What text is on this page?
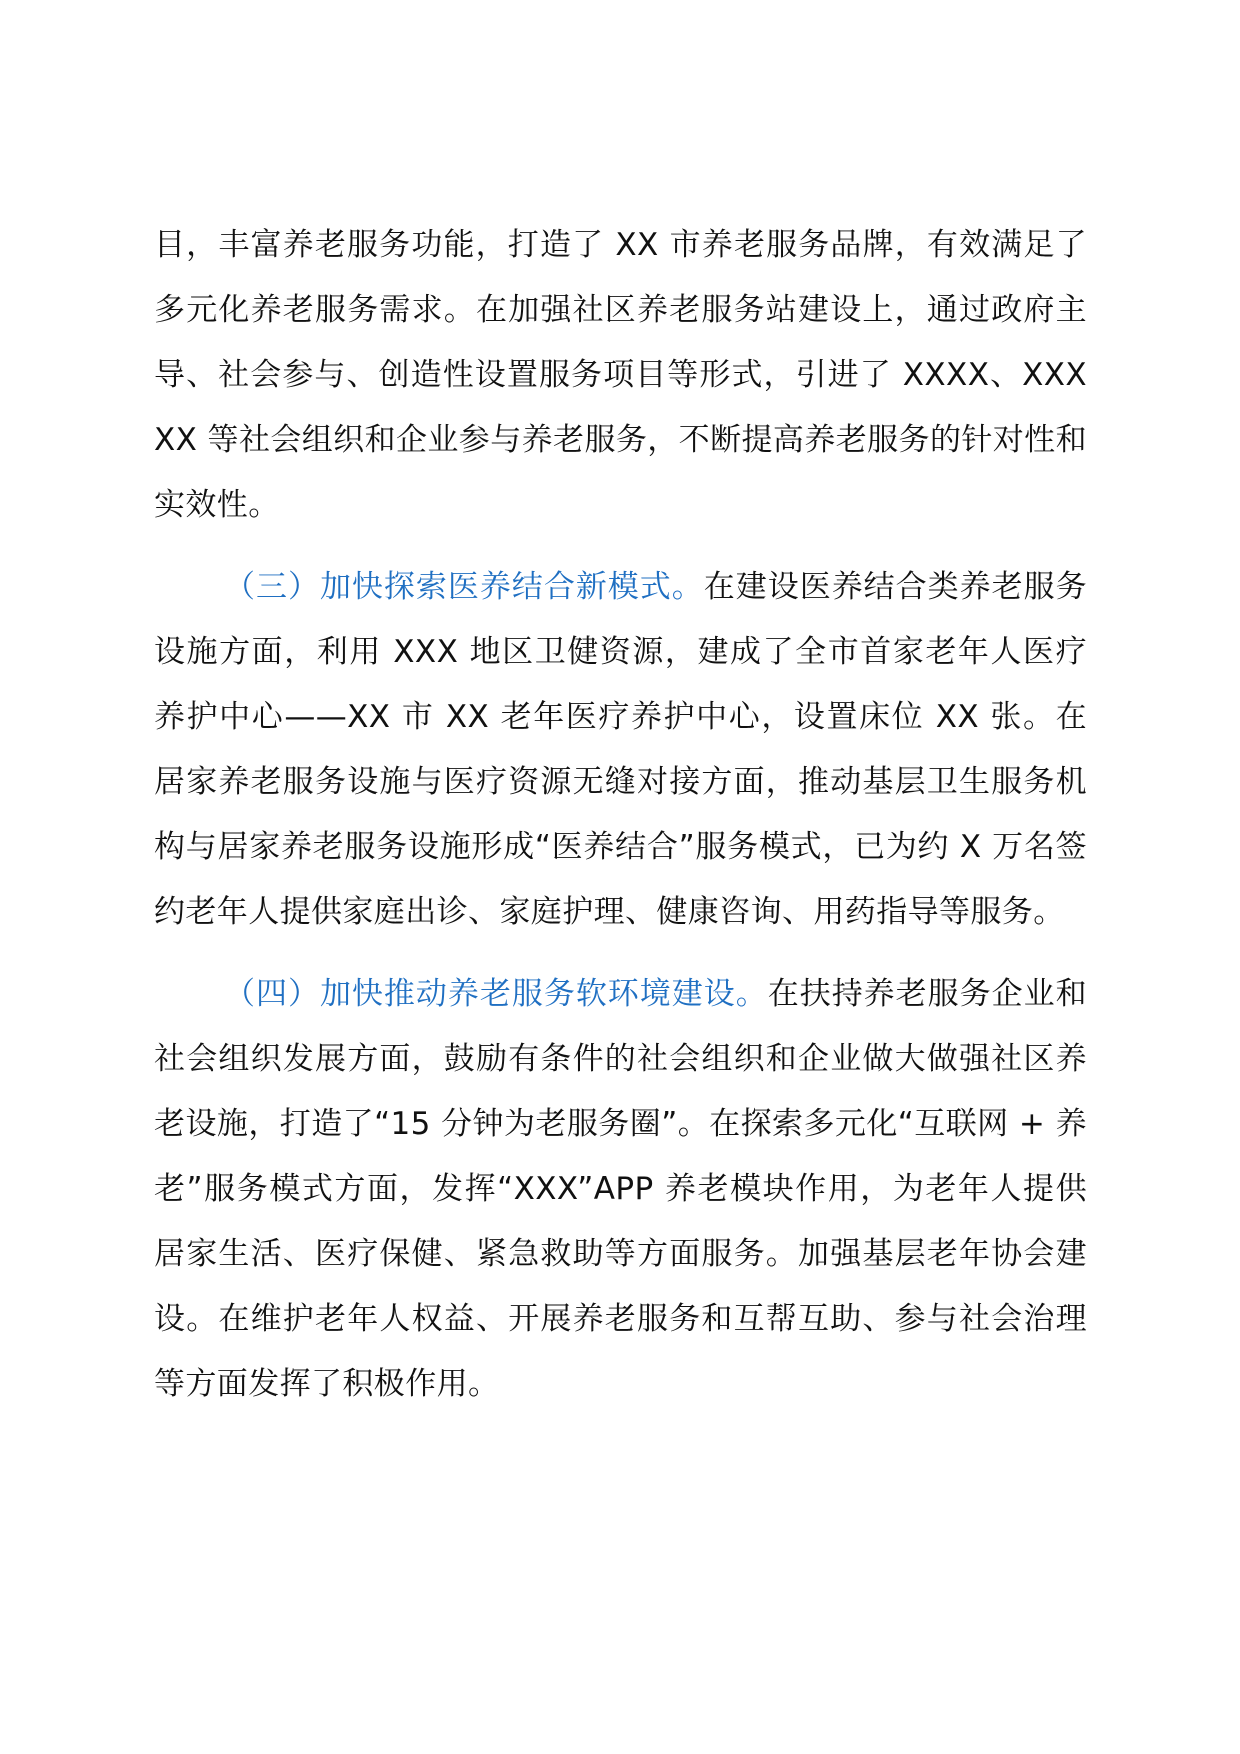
目，丰富养老服务功能，打造了 XX 市养老服务品牌，有效满足了多元化养老服务需求。在加强社区养老服务站建设上，通过政府主导、社会参与、创造性设置服务项目等形式，引进了 XXXX、XXXXX 等社会组织和企业参与养老服务，不断提高养老服务的针对性和实效性。

（三）加快探索医养结合新模式。在建设医养结合类养老服务设施方面，利用 XXX 地区卫健资源，建成了全市首家老年人医疗养护中心——XX 市 XX 老年医疗养护中心，设置床位 XX 张。在居家养老服务设施与医疗资源无缝对接方面，推动基层卫生服务机构与居家养老服务设施形成“医养结合”服务模式，已为约 X 万名签约老年人提供家庭出诊、家庭护理、健康咨询、用药指导等服务。

（四）加快推动养老服务软环境建设。在扶持养老服务企业和社会组织发展方面，鼓励有条件的社会组织和企业做大做强社区养老设施，打造了“15 分钟为老服务圈”。在探索多元化“互联网 + 养老”服务模式方面，发挥“XXX”APP 养老模块作用，为老年人提供居家生活、医疗保健、紧急救助等方面服务。加强基层老年协会建设。在维护老年人权益、开展养老服务和互帮互助、参与社会治理等方面发挥了积极作用。
